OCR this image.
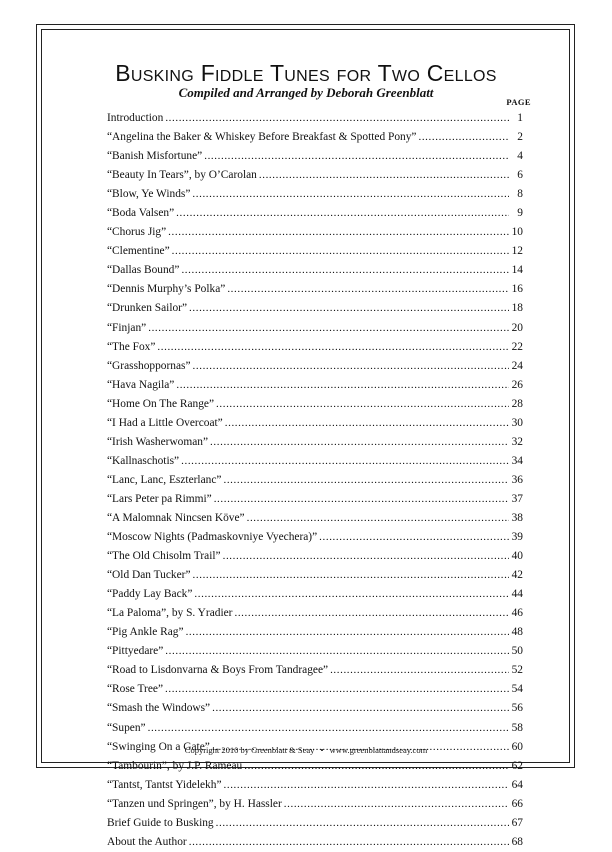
Busking Fiddle Tunes for Two Cellos
Compiled and Arranged by Deborah Greenblatt
PAGE
Introduction .....	1
“Angelina the Baker & Whiskey Before Breakfast & Spotted Pony” .....	2
“Banish Misfortune” .....	4
“Beauty In Tears”, by O’Carolan .....	6
“Blow, Ye Winds” .....	8
“Boda Valsen” .....	9
“Chorus Jig” .....	10
“Clementine” .....	12
“Dallas Bound” .....	14
“Dennis Murphy’s Polka” .....	16
“Drunken Sailor” .....	18
“Finjan” .....	20
“The Fox” .....	22
“Grasshoppornas” .....	24
“Hava Nagila” .....	26
“Home On The Range” .....	28
“I Had a Little Overcoat” .....	30
“Irish Washerwoman” .....	32
“Kallnaschotis” .....	34
“Lanc, Lanc, Eszterlanc” .....	36
“Lars Peter pa Rimmi” .....	37
“A Malomnak Nincsen Köve” .....	38
“Moscow Nights (Padmaskovniye Vyechera)” .....	39
“The Old Chisolm Trail” .....	40
“Old Dan Tucker” .....	42
“Paddy Lay Back” .....	44
“La Paloma”, by S. Yradier .....	46
“Pig Ankle Rag” .....	48
“Pittyedare” .....	50
“Road to Lisdonvarna & Boys From Tandragee” .....	52
“Rose Tree” .....	54
“Smash the Windows” .....	56
“Supen” .....	58
“Swinging On a Gate” .....	60
“Tambourin”, by J.P. Rameau .....	62
“Tantst, Tantst Yidelekh” .....	64
“Tanzen und Springen”, by H. Hassler .....	66
Brief Guide to Busking .....	67
About the Author .....	68
Copyright 2010 by Greenblatt & Seay • www.greenblattandseay.com
